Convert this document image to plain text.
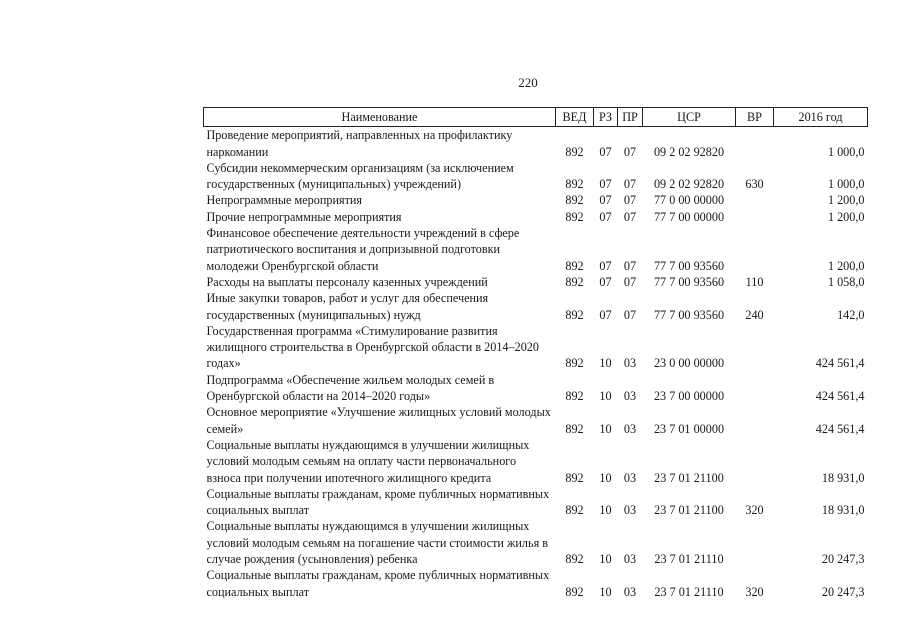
220
Наименование	ВЕД	РЗ	ПР	ЦСР	ВР	2016 год
Проведение мероприятий, направленных на профилактику наркомании	892	07	07	09 2 02 92820		1 000,0
Субсидии некоммерческим организациям (за исключением государственных (муниципальных) учреждений)	892	07	07	09 2 02 92820	630	1 000,0
Непрограммные мероприятия	892	07	07	77 0 00 00000		1 200,0
Прочие непрограммные мероприятия	892	07	07	77 7 00 00000		1 200,0
Финансовое обеспечение деятельности учреждений в сфере патриотического воспитания и допризывной подготовки молодежи Оренбургской области	892	07	07	77 7 00 93560		1 200,0
Расходы на выплаты персоналу казенных учреждений	892	07	07	77 7 00 93560	110	1 058,0
Иные закупки товаров, работ и услуг для обеспечения государственных (муниципальных) нужд	892	07	07	77 7 00 93560	240	142,0
Государственная программа «Стимулирование развития жилищного строительства в Оренбургской области в 2014–2020 годах»	892	10	03	23 0 00 00000		424 561,4
Подпрограмма «Обеспечение жильем молодых семей в Оренбургской области на 2014–2020 годы»	892	10	03	23 7 00 00000		424 561,4
Основное мероприятие «Улучшение жилищных условий молодых семей»	892	10	03	23 7 01 00000		424 561,4
Социальные выплаты нуждающимся в улучшении жилищных условий молодым семьям на оплату части первоначального взноса при получении ипотечного жилищного кредита	892	10	03	23 7 01 21100		18 931,0
Социальные выплаты гражданам, кроме публичных нормативных социальных выплат	892	10	03	23 7 01 21100	320	18 931,0
Социальные выплаты нуждающимся в улучшении жилищных условий молодым семьям на погашение части стоимости жилья в случае рождения (усыновления) ребенка	892	10	03	23 7 01 21110		20 247,3
Социальные выплаты гражданам, кроме публичных нормативных социальных выплат	892	10	03	23 7 01 21110	320	20 247,3
